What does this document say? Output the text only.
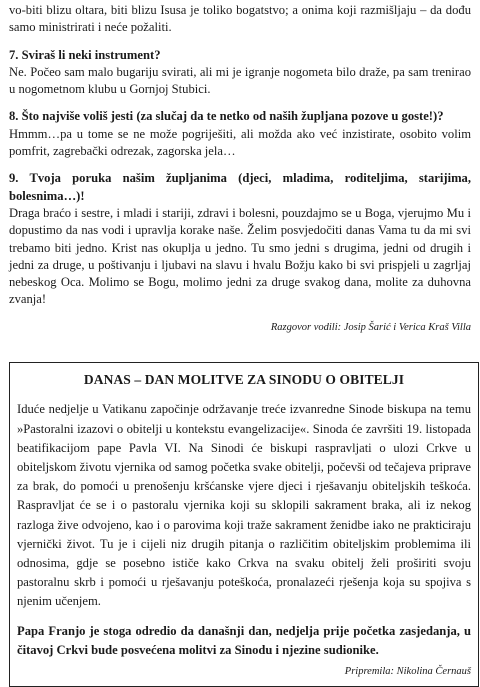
vo-biti blizu oltara, biti blizu Isusa je toliko bogatstvo; a onima koji razmišljaju – da dođu samo ministrirati i neće požaliti.

7. Sviraš li neki instrument?

Ne. Počeo sam malo bugariju svirati, ali mi je igranje nogometa bilo draže, pa sam trenirao u nogometnom klubu u Gornjoj Stubici.

8. Što najviše voliš jesti (za slučaj da te netko od naših župljana pozove u goste!)?

Hmmm…pa u tome se ne može pogriješiti, ali možda ako već inzistirate, osobito volim pomfrit, zagrebački odrezak, zagorska jela…

9. Tvoja poruka našim župljanima (djeci, mladima, roditeljima, starijima, bolesnima…)!

Draga braćo i sestre, i mladi i stariji, zdravi i bolesni, pouzdajmo se u Boga, vjerujmo Mu i dopustimo da nas vodi i upravlja korake naše. Želim posvjedočiti danas Vama tu da mi svi trebamo biti jedno. Krist nas okuplja u jedno. Tu smo jedni s drugima, jedni od drugih i jedni za druge, u poštivanju i ljubavi na slavu i hvalu Božju kako bi svi prispjeli u zagrljaj nebeskog Oca. Molimo se Bogu, molimo jedni za druge svakog dana, molite za duhovna zvanja!

Razgovor vodili: Josip Šarić i Verica Kraš Villa

DANAS – DAN MOLITVE ZA SINODU O OBITELJI

Iduće nedjelje u Vatikanu započinje održavanje treće izvanredne Sinode biskupa na temu »Pastoralni izazovi o obitelji u kontekstu evangelizacije«. Sinoda će završiti 19. listopada beatifikacijom pape Pavla VI. Na Sinodi će biskupi raspravljati o ulozi Crkve u obiteljskom životu vjernika od samog početka svake obitelji, počevši od tečajeva priprave za brak, do pomoći u prenošenju kršćanske vjere djeci i rješavanju obiteljskih teškoća. Raspravljat će se i o pastoralu vjernika koji su sklopili sakrament braka, ali iz nekog razloga žive odvojeno, kao i o parovima koji traže sakrament ženidbe iako ne prakticiraju vjernički život. Tu je i cijeli niz drugih pitanja o različitim obiteljskim problemima ili odnosima, gdje se posebno ističe kako Crkva na svaku obitelj želi proširiti svoju pastoralnu skrb i pomoći u rješavanju poteškoća, pronalazeći rješenja koja su spojiva s njenim učenjem.

Papa Franjo je stoga odredio da današnji dan, nedjelja prije početka zasjedanja, u čitavoj Crkvi bude posvećena molitvi za Sinodu i njezine sudionike.

Pripremila: Nikolina Černauš
